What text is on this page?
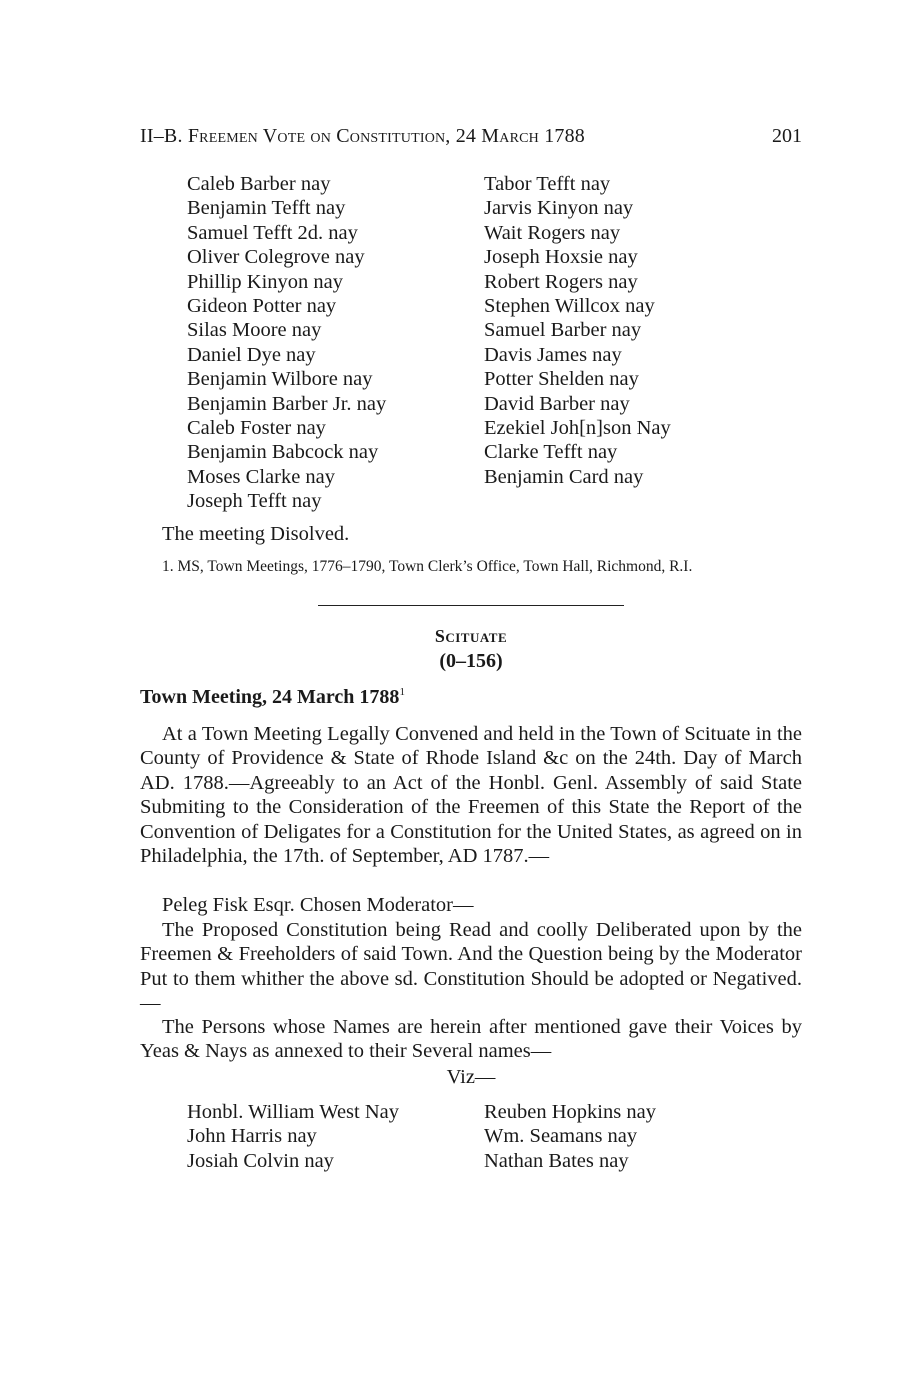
II–B. Freemen Vote on Constitution, 24 March 1788	201
Caleb Barber nay
Benjamin Tefft nay
Samuel Tefft 2d. nay
Oliver Colegrove nay
Phillip Kinyon nay
Gideon Potter nay
Silas Moore nay
Daniel Dye nay
Benjamin Wilbore nay
Benjamin Barber Jr. nay
Caleb Foster nay
Benjamin Babcock nay
Moses Clarke nay
Joseph Tefft nay
Tabor Tefft nay
Jarvis Kinyon nay
Wait Rogers nay
Joseph Hoxsie nay
Robert Rogers nay
Stephen Willcox nay
Samuel Barber nay
Davis James nay
Potter Shelden nay
David Barber nay
Ezekiel Joh[n]son Nay
Clarke Tefft nay
Benjamin Card nay
The meeting Disolved.
1. MS, Town Meetings, 1776–1790, Town Clerk’s Office, Town Hall, Richmond, R.I.
Scituate
(0–156)
Town Meeting, 24 March 1788$^1$
At a Town Meeting Legally Convened and held in the Town of Scituate in the County of Providence & State of Rhode Island &c on the 24th. Day of March AD. 1788.—Agreeably to an Act of the Honbl. Genl. Assembly of said State Submiting to the Consideration of the Freemen of this State the Report of the Convention of Deligates for a Constitution for the United States, as agreed on in Philadelphia, the 17th. of September, AD 1787.—
Peleg Fisk Esqr. Chosen Moderator—
The Proposed Constitution being Read and coolly Deliberated upon by the Freemen & Freeholders of said Town. And the Question being by the Moderator Put to them whither the above sd. Constitution Should be adopted or Negatived.—
The Persons whose Names are herein after mentioned gave their Voices by Yeas & Nays as annexed to their Several names—
Viz—
Honbl. William West Nay
John Harris nay
Josiah Colvin nay
Reuben Hopkins nay
Wm. Seamans nay
Nathan Bates nay
